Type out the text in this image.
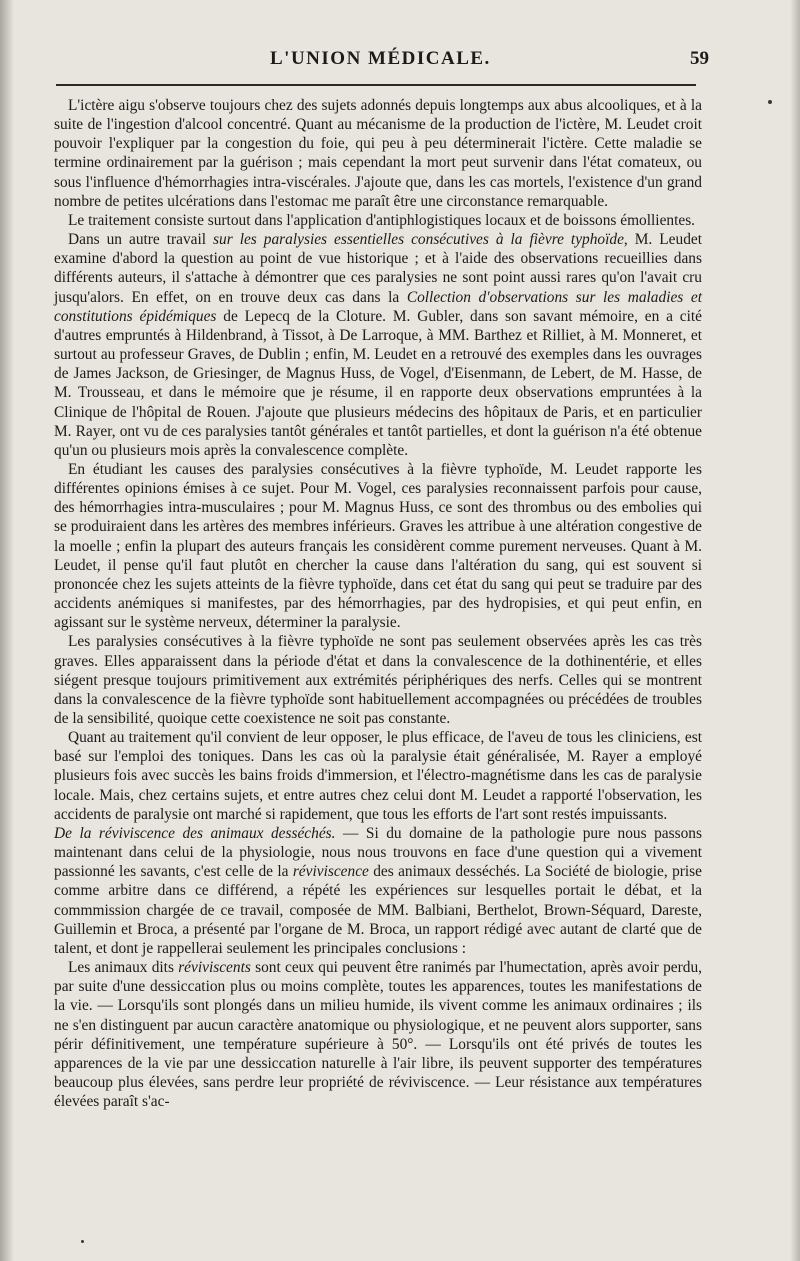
L'UNION MÉDICALE.	59

L'ictère aigu s'observe toujours chez des sujets adonnés depuis longtemps aux abus alcooliques, et à la suite de l'ingestion d'alcool concentré. Quant au mécanisme de la production de l'ictère, M. Leudet croit pouvoir l'expliquer par la congestion du foie, qui peu à peu déterminerait l'ictère. Cette maladie se termine ordinairement par la guérison ; mais cependant la mort peut survenir dans l'état comateux, ou sous l'influence d'hémorrhagies intra-viscérales. J'ajoute que, dans les cas mortels, l'existence d'un grand nombre de petites ulcérations dans l'estomac me paraît être une circonstance remarquable.

Le traitement consiste surtout dans l'application d'antiphlogistiques locaux et de boissons émollientes.

Dans un autre travail sur les paralysies essentielles consécutives à la fièvre typhoïde, M. Leudet examine d'abord la question au point de vue historique ; et à l'aide des observations recueillies dans différents auteurs, il s'attache à démontrer que ces paralysies ne sont point aussi rares qu'on l'avait cru jusqu'alors. En effet, on en trouve deux cas dans la Collection d'observations sur les maladies et constitutions épidémiques de Lepecq de la Cloture. M. Gubler, dans son savant mémoire, en a cité d'autres empruntés à Hildenbrand, à Tissot, à De Larroque, à MM. Barthez et Rilliet, à M. Monneret, et surtout au professeur Graves, de Dublin ; enfin, M. Leudet en a retrouvé des exemples dans les ouvrages de James Jackson, de Griesinger, de Magnus Huss, de Vogel, d'Eisenmann, de Lebert, de M. Hasse, de M. Trousseau, et dans le mémoire que je résume, il en rapporte deux observations empruntées à la Clinique de l'hôpital de Rouen. J'ajoute que plusieurs médecins des hôpitaux de Paris, et en particulier M. Rayer, ont vu de ces paralysies tantôt générales et tantôt partielles, et dont la guérison n'a été obtenue qu'un ou plusieurs mois après la convalescence complète.

En étudiant les causes des paralysies consécutives à la fièvre typhoïde, M. Leudet rapporte les différentes opinions émises à ce sujet. Pour M. Vogel, ces paralysies reconnaissent parfois pour cause, des hémorrhagies intra-musculaires ; pour M. Magnus Huss, ce sont des thrombus ou des embolies qui se produiraient dans les artères des membres inférieurs. Graves les attribue à une altération congestive de la moelle ; enfin la plupart des auteurs français les considèrent comme purement nerveuses. Quant à M. Leudet, il pense qu'il faut plutôt en chercher la cause dans l'altération du sang, qui est souvent si prononcée chez les sujets atteints de la fièvre typhoïde, dans cet état du sang qui peut se traduire par des accidents anémiques si manifestes, par des hémorrhagies, par des hydropisies, et qui peut enfin, en agissant sur le système nerveux, déterminer la paralysie.

Les paralysies consécutives à la fièvre typhoïde ne sont pas seulement observées après les cas très graves. Elles apparaissent dans la période d'état et dans la convalescence de la dothinentérie, et elles siégent presque toujours primitivement aux extrémités périphériques des nerfs. Celles qui se montrent dans la convalescence de la fièvre typhoïde sont habituellement accompagnées ou précédées de troubles de la sensibilité, quoique cette coexistence ne soit pas constante.

Quant au traitement qu'il convient de leur opposer, le plus efficace, de l'aveu de tous les cliniciens, est basé sur l'emploi des toniques. Dans les cas où la paralysie était généralisée, M. Rayer a employé plusieurs fois avec succès les bains froids d'immersion, et l'électro-magnétisme dans les cas de paralysie locale. Mais, chez certains sujets, et entre autres chez celui dont M. Leudet a rapporté l'observation, les accidents de paralysie ont marché si rapidement, que tous les efforts de l'art sont restés impuissants.

De la réviviscence des animaux desséchés. — Si du domaine de la pathologie pure nous passons maintenant dans celui de la physiologie, nous nous trouvons en face d'une question qui a vivement passionné les savants, c'est celle de la réviviscence des animaux desséchés. La Société de biologie, prise comme arbitre dans ce différend, a répété les expériences sur lesquelles portait le débat, et la commmission chargée de ce travail, composée de MM. Balbiani, Berthelot, Brown-Séquard, Dareste, Guillemin et Broca, a présenté par l'organe de M. Broca, un rapport rédigé avec autant de clarté que de talent, et dont je rappellerai seulement les principales conclusions :

Les animaux dits réviviscents sont ceux qui peuvent être ranimés par l'humectation, après avoir perdu, par suite d'une dessiccation plus ou moins complète, toutes les apparences, toutes les manifestations de la vie. — Lorsqu'ils sont plongés dans un milieu humide, ils vivent comme les animaux ordinaires ; ils ne s'en distinguent par aucun caractère anatomique ou physiologique, et ne peuvent alors supporter, sans périr définitivement, une température supérieure à 50°. — Lorsqu'ils ont été privés de toutes les apparences de la vie par une dessiccation naturelle à l'air libre, ils peuvent supporter des températures beaucoup plus élevées, sans perdre leur propriété de réviviscence. — Leur résistance aux températures élevées paraît s'ac-
